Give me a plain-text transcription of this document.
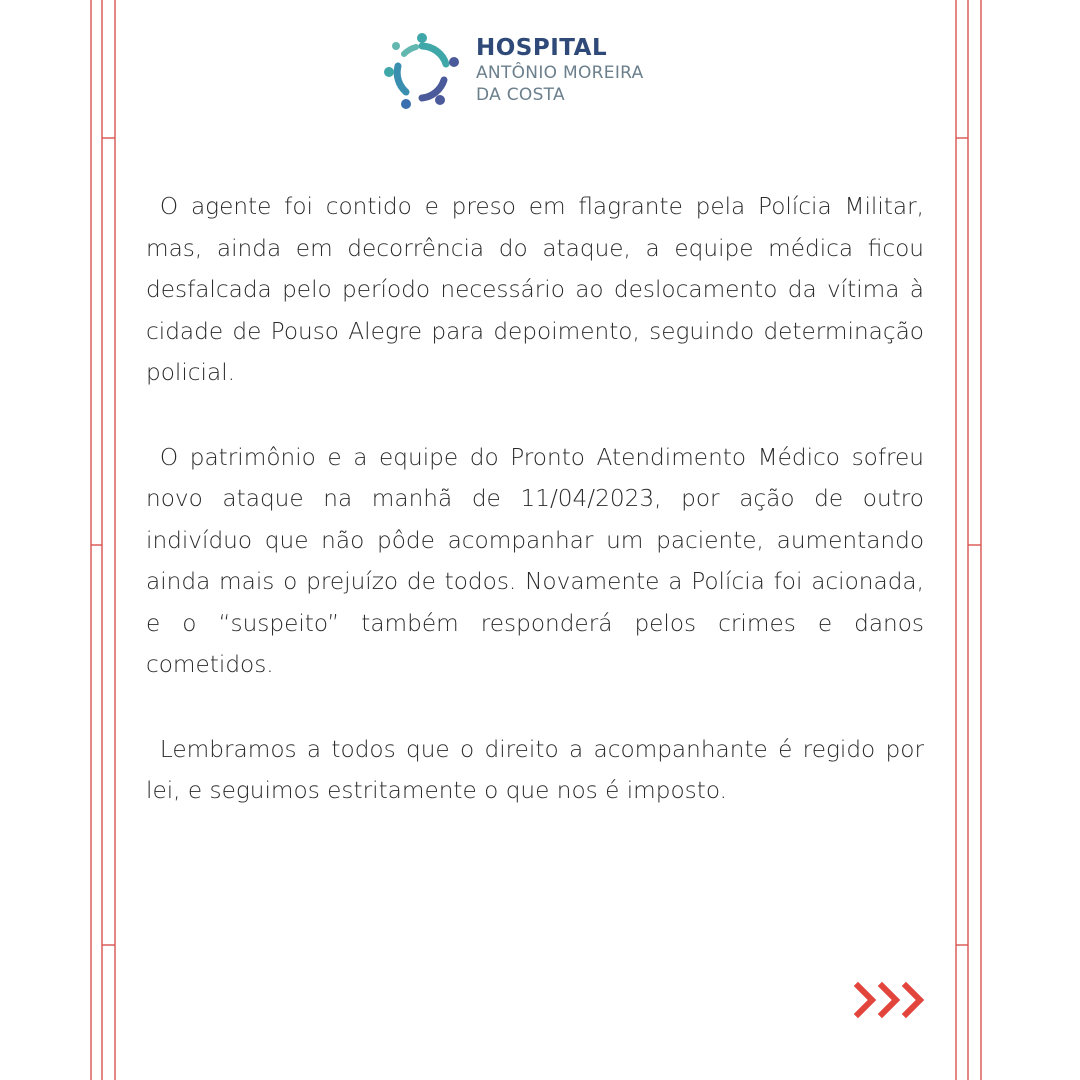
HOSPITAL
ANTÔNIO MOREIRA
DA COSTA

O agente foi contido e preso em flagrante pela Polícia Militar, mas, ainda em decorrência do ataque, a equipe médica ficou desfalcada pelo período necessário ao deslocamento da vítima à cidade de Pouso Alegre para depoimento, seguindo determinação policial.

O patrimônio e a equipe do Pronto Atendimento Médico sofreu novo ataque na manhã de 11/04/2023, por ação de outro indivíduo que não pôde acompanhar um paciente, aumentando ainda mais o prejuízo de todos. Novamente a Polícia foi acionada, e o “suspeito” também responderá pelos crimes e danos cometidos.

Lembramos a todos que o direito a acompanhante é regido por lei, e seguimos estritamente o que nos é imposto.
